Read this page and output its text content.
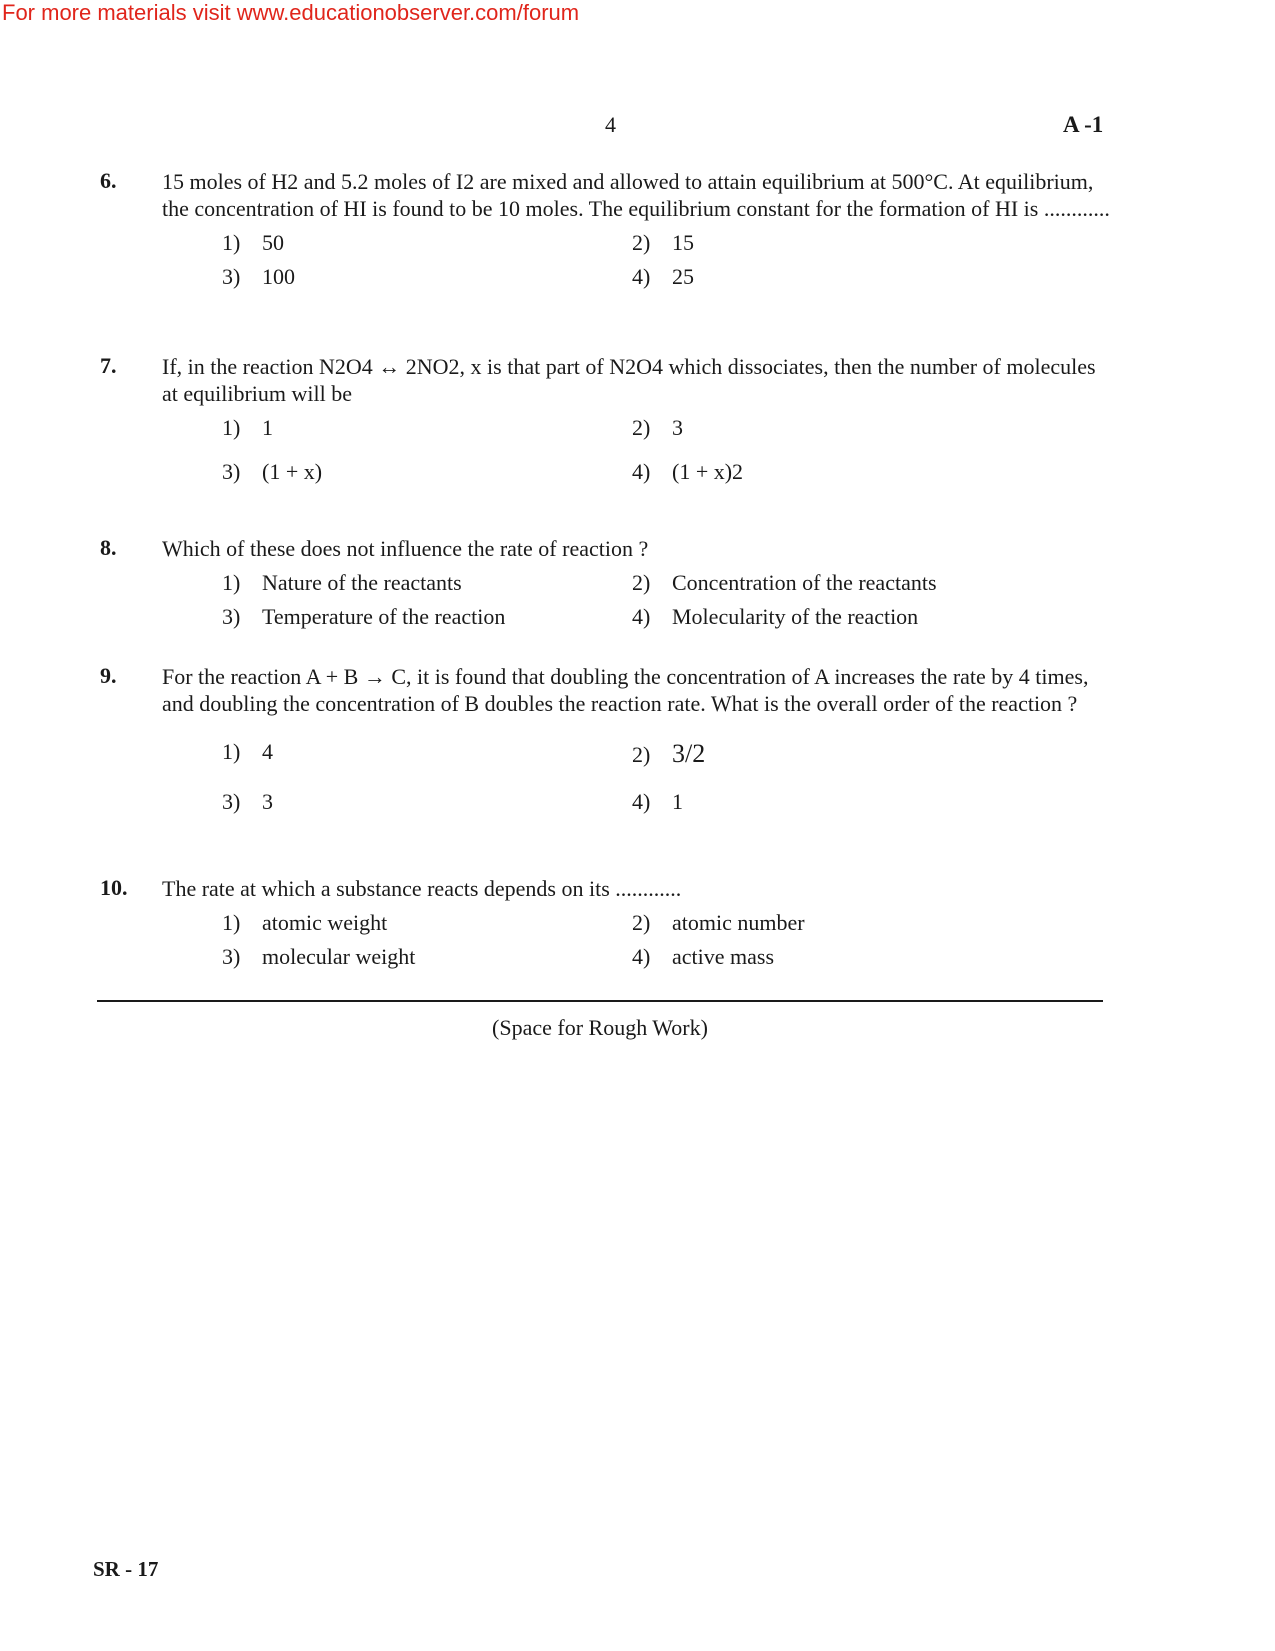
For more materials visit www.educationobserver.com/forum
4	A -1
6. 15 moles of H2 and 5.2 moles of I2 are mixed and allowed to attain equilibrium at 500°C. At equilibrium, the concentration of HI is found to be 10 moles. The equilibrium constant for the formation of HI is ............
1) 50	2) 15
3) 100	4) 25
7. If, in the reaction N2O4 ↔ 2NO2, x is that part of N2O4 which dissociates, then the number of molecules at equilibrium will be
1) 1	2) 3
3) (1 + x)	4) (1 + x)2
8. Which of these does not influence the rate of reaction ?
1) Nature of the reactants	2) Concentration of the reactants
3) Temperature of the reaction	4) Molecularity of the reaction
9. For the reaction A + B → C, it is found that doubling the concentration of A increases the rate by 4 times, and doubling the concentration of B doubles the reaction rate. What is the overall order of the reaction ?
1) 4	2) 3/2
3) 3	4) 1
10. The rate at which a substance reacts depends on its ............
1) atomic weight	2) atomic number
3) molecular weight	4) active mass
(Space for Rough Work)
SR - 17
